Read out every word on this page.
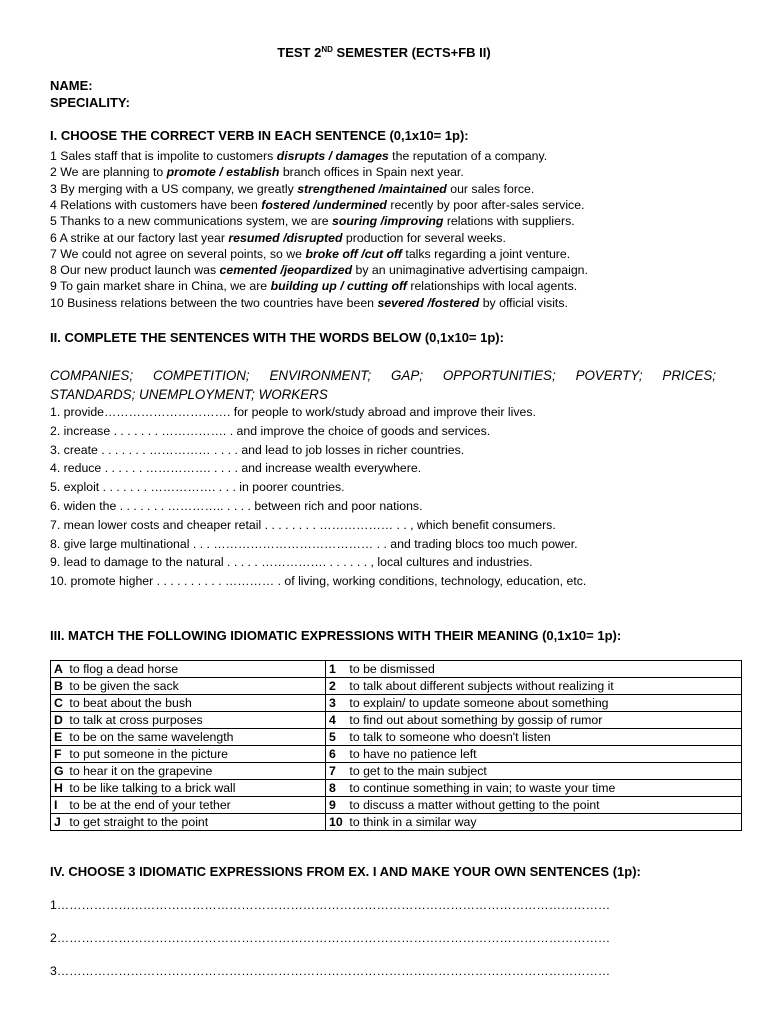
TEST 2ND SEMESTER (ECTS+FB II)
NAME:
SPECIALITY:
I. CHOOSE THE CORRECT VERB IN EACH SENTENCE (0,1x10= 1p):
1 Sales staff that is impolite to customers disrupts / damages the reputation of a company.
2 We are planning to promote / establish branch offices in Spain next year.
3 By merging with a US company, we greatly strengthened /maintained our sales force.
4 Relations with customers have been fostered /undermined recently by poor after-sales service.
5 Thanks to a new communications system, we are souring /improving relations with suppliers.
6 A strike at our factory last year resumed /disrupted production for several weeks.
7 We could not agree on several points, so we broke off /cut off talks regarding a joint venture.
8 Our new product launch was cemented /jeopardized by an unimaginative advertising campaign.
9 To gain market share in China, we are building up / cutting off relationships with local agents.
10 Business relations between the two countries have been severed /fostered by official visits.
II. COMPLETE THE SENTENCES WITH THE WORDS BELOW (0,1x10= 1p):
COMPANIES; COMPETITION; ENVIRONMENT; GAP; OPPORTUNITIES; POVERTY; PRICES;
STANDARDS; UNEMPLOYMENT; WORKERS
1. provide…………………………. for people to work/study abroad and improve their lives.
2. increase . . . . . . . ……………. . and improve the choice of goods and services.
3. create . . . . . . . …………… . . . . and lead to job losses in richer countries.
4. reduce . . . . . . ……………. . . . . and increase wealth everywhere.
5. exploit . . . . . . . ……………. . . . in poorer countries.
6. widen the . . . . . . . ………….. . . . . between rich and poor nations.
7. mean lower costs and cheaper retail . . . . . . . . ……………… . . , which benefit consumers.
8. give large multinational . . . ………………………………… . . and trading blocs too much power.
9. lead to damage to the natural . . . . . ……………. . . . . . . , local cultures and industries.
10. promote higher . . . . . . . . . . ………… . of living, working conditions, technology, education, etc.
III. MATCH THE FOLLOWING IDIOMATIC EXPRESSIONS WITH THEIR MEANING (0,1x10= 1p):
A to flog a dead horse	1 to be dismissed
B to be given the sack	2 to talk about different subjects without realizing it
C to beat about the bush	3 to explain/ to update someone about something
D to talk at cross purposes	4 to find out about something by gossip of rumor
E to be on the same wavelength	5 to talk to someone who doesn't listen
F to put someone in the picture	6 to have no patience left
G to hear it on the grapevine	7 to get to the main subject
H to be like talking to a brick wall	8 to continue something in vain; to waste your time
I to be at the end of your tether	9 to discuss a matter without getting to the point
J to get straight to the point	10 to think in a similar way
IV. CHOOSE 3 IDIOMATIC EXPRESSIONS FROM EX. I AND MAKE YOUR OWN SENTENCES (1p):
1………………………………………………………………………………………………………………………
2………………………………………………………………………………………………………………………
3………………………………………………………………………………………………………………………
